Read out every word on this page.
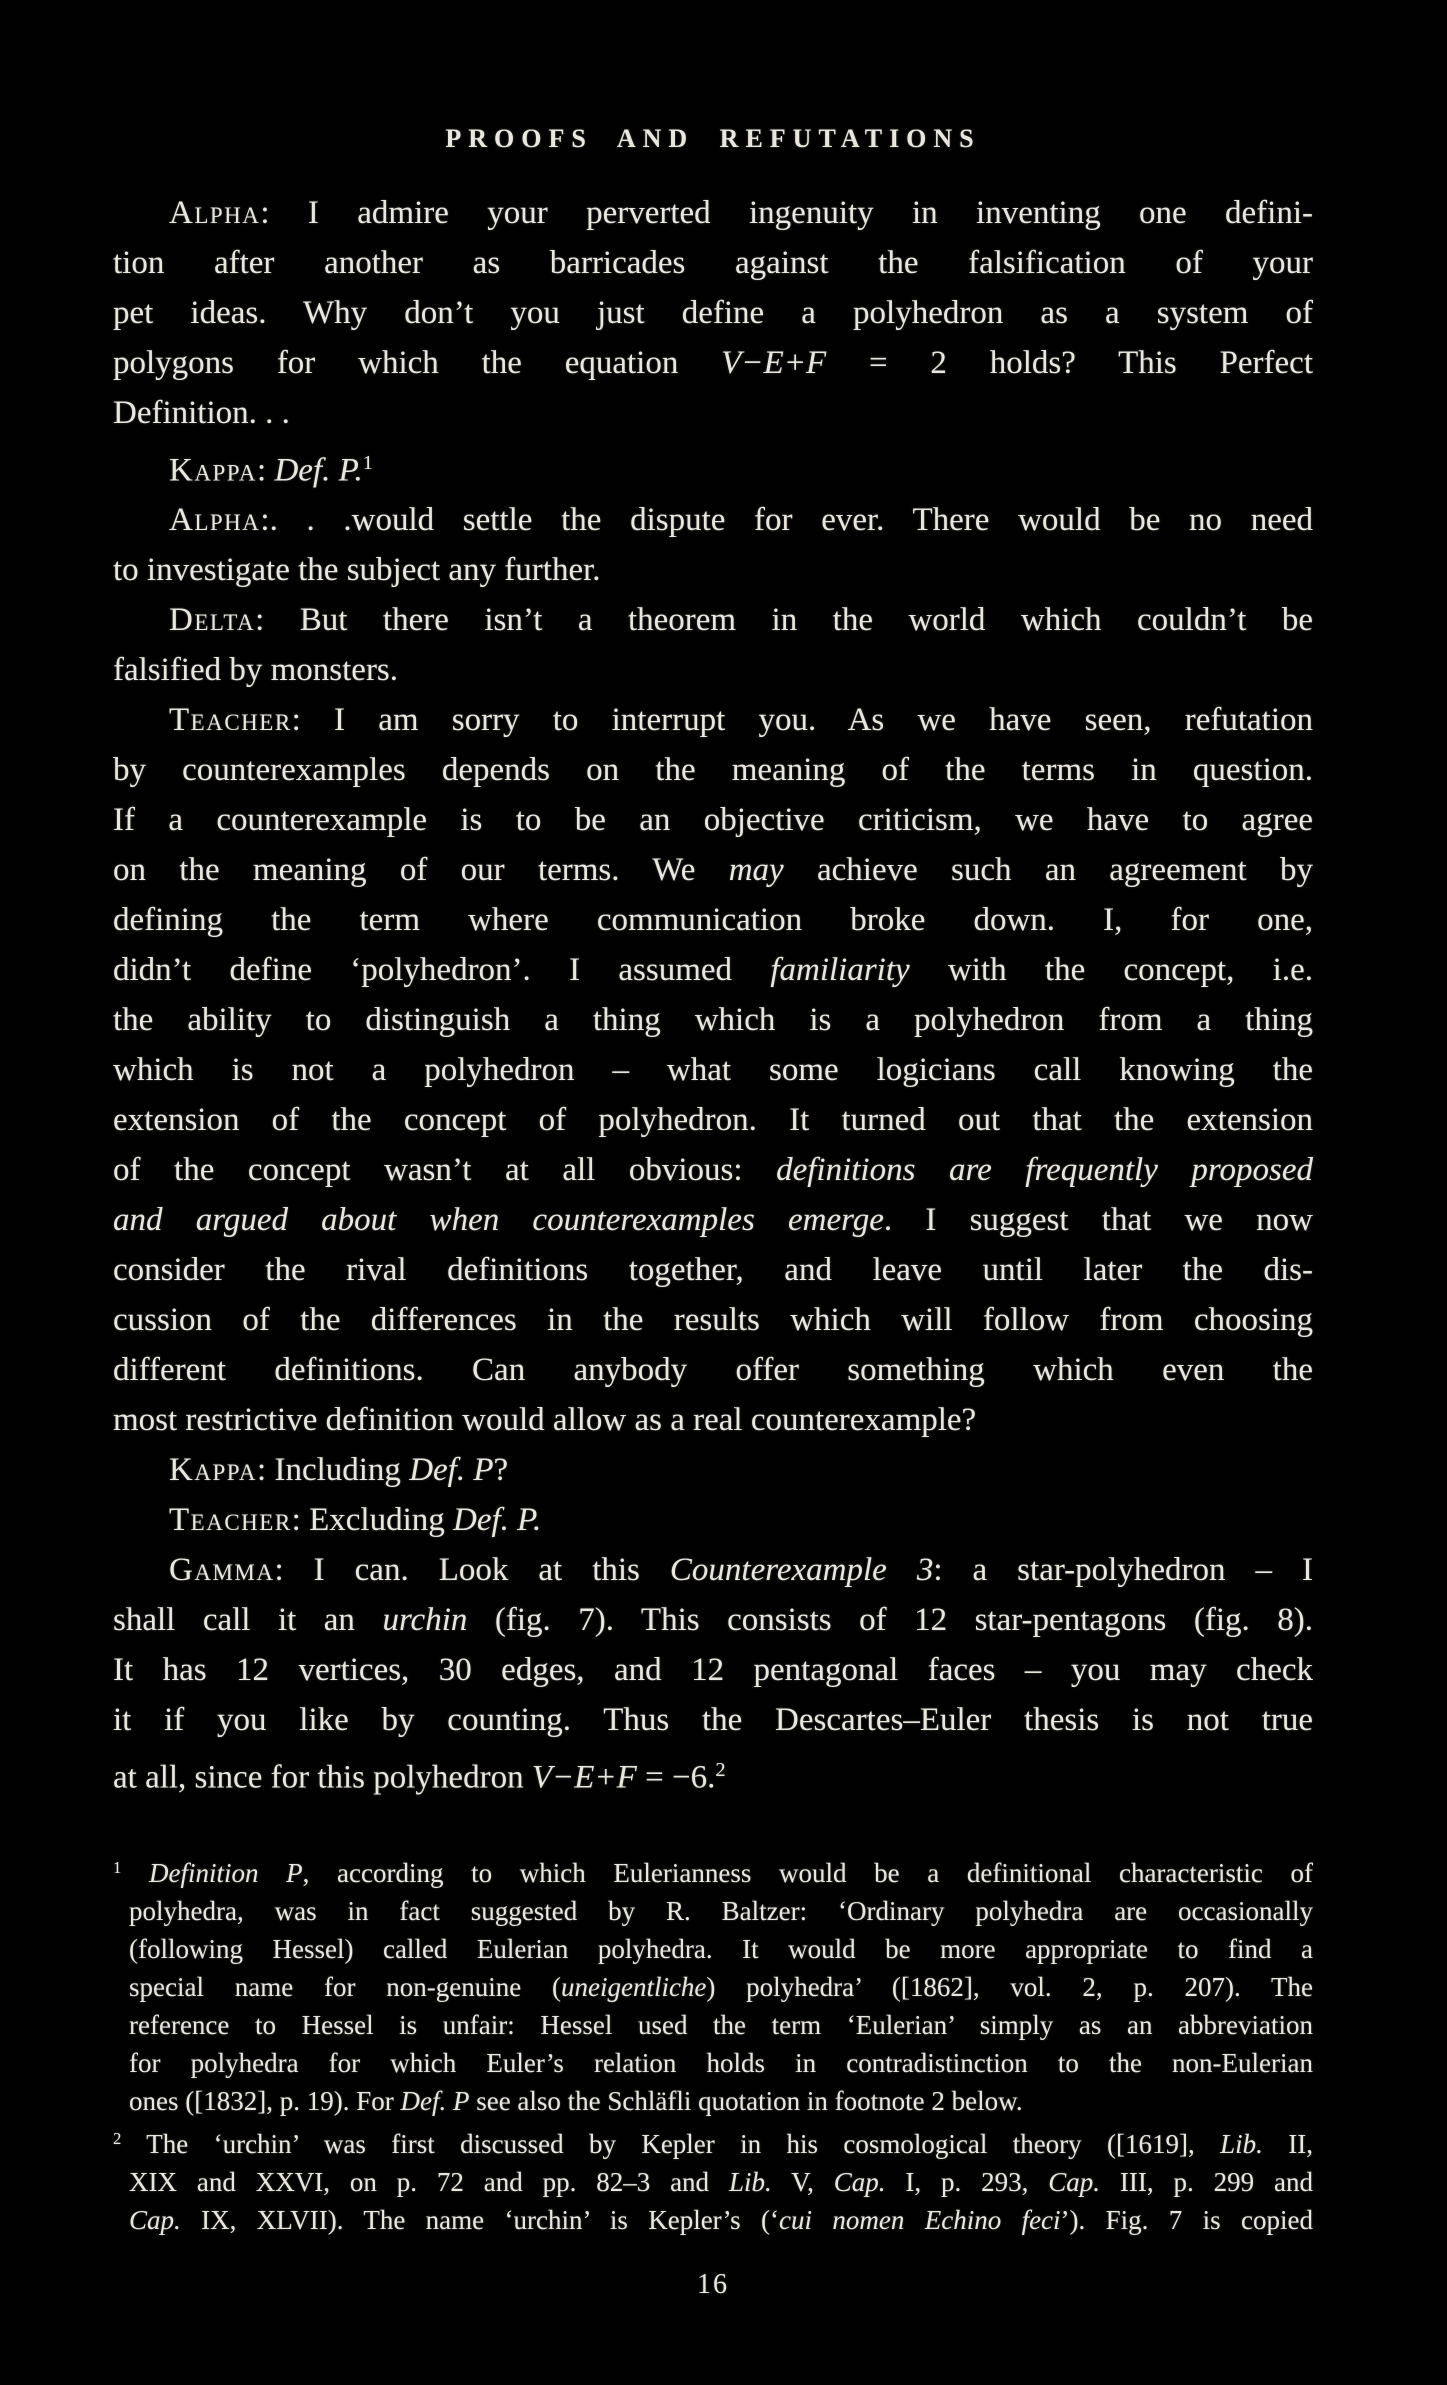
PROOFS AND REFUTATIONS
Alpha: I admire your perverted ingenuity in inventing one defini-
tion after another as barricades against the falsification of your
pet ideas. Why don’t you just define a polyhedron as a system of
polygons for which the equation V−E+F = 2 holds? This Perfect
Definition. . .
Kappa: Def. P.$^1$
Alpha:. . .would settle the dispute for ever. There would be no need
to investigate the subject any further.
Delta: But there isn’t a theorem in the world which couldn’t be
falsified by monsters.
Teacher: I am sorry to interrupt you. As we have seen, refutation
by counterexamples depends on the meaning of the terms in question.
If a counterexample is to be an objective criticism, we have to agree
on the meaning of our terms. We may achieve such an agreement by
defining the term where communication broke down. I, for one,
didn’t define ‘polyhedron’. I assumed familiarity with the concept, i.e.
the ability to distinguish a thing which is a polyhedron from a thing
which is not a polyhedron – what some logicians call knowing the
extension of the concept of polyhedron. It turned out that the extension
of the concept wasn’t at all obvious: definitions are frequently proposed
and argued about when counterexamples emerge. I suggest that we now
consider the rival definitions together, and leave until later the dis-
cussion of the differences in the results which will follow from choosing
different definitions. Can anybody offer something which even the
most restrictive definition would allow as a real counterexample?
Kappa: Including Def. P?
Teacher: Excluding Def. P.
Gamma: I can. Look at this Counterexample 3: a star-polyhedron – I
shall call it an urchin (fig. 7). This consists of 12 star-pentagons (fig. 8).
It has 12 vertices, 30 edges, and 12 pentagonal faces – you may check
it if you like by counting. Thus the Descartes–Euler thesis is not true
at all, since for this polyhedron V−E+F = −6.$^2$
$^1$ Definition P, according to which Eulerianness would be a definitional characteristic of
polyhedra, was in fact suggested by R. Baltzer: ‘Ordinary polyhedra are occasionally
(following Hessel) called Eulerian polyhedra. It would be more appropriate to find a
special name for non-genuine (uneigentliche) polyhedra’ ([1862], vol. 2, p. 207). The
reference to Hessel is unfair: Hessel used the term ‘Eulerian’ simply as an abbreviation
for polyhedra for which Euler’s relation holds in contradistinction to the non-Eulerian
ones ([1832], p. 19). For Def. P see also the Schläfli quotation in footnote 2 below.
$^2$ The ‘urchin’ was first discussed by Kepler in his cosmological theory ([1619], Lib. II,
XIX and XXVI, on p. 72 and pp. 82–3 and Lib. V, Cap. I, p. 293, Cap. III, p. 299 and
Cap. IX, XLVII). The name ‘urchin’ is Kepler’s (‘cui nomen Echino feci’). Fig. 7 is copied
16
